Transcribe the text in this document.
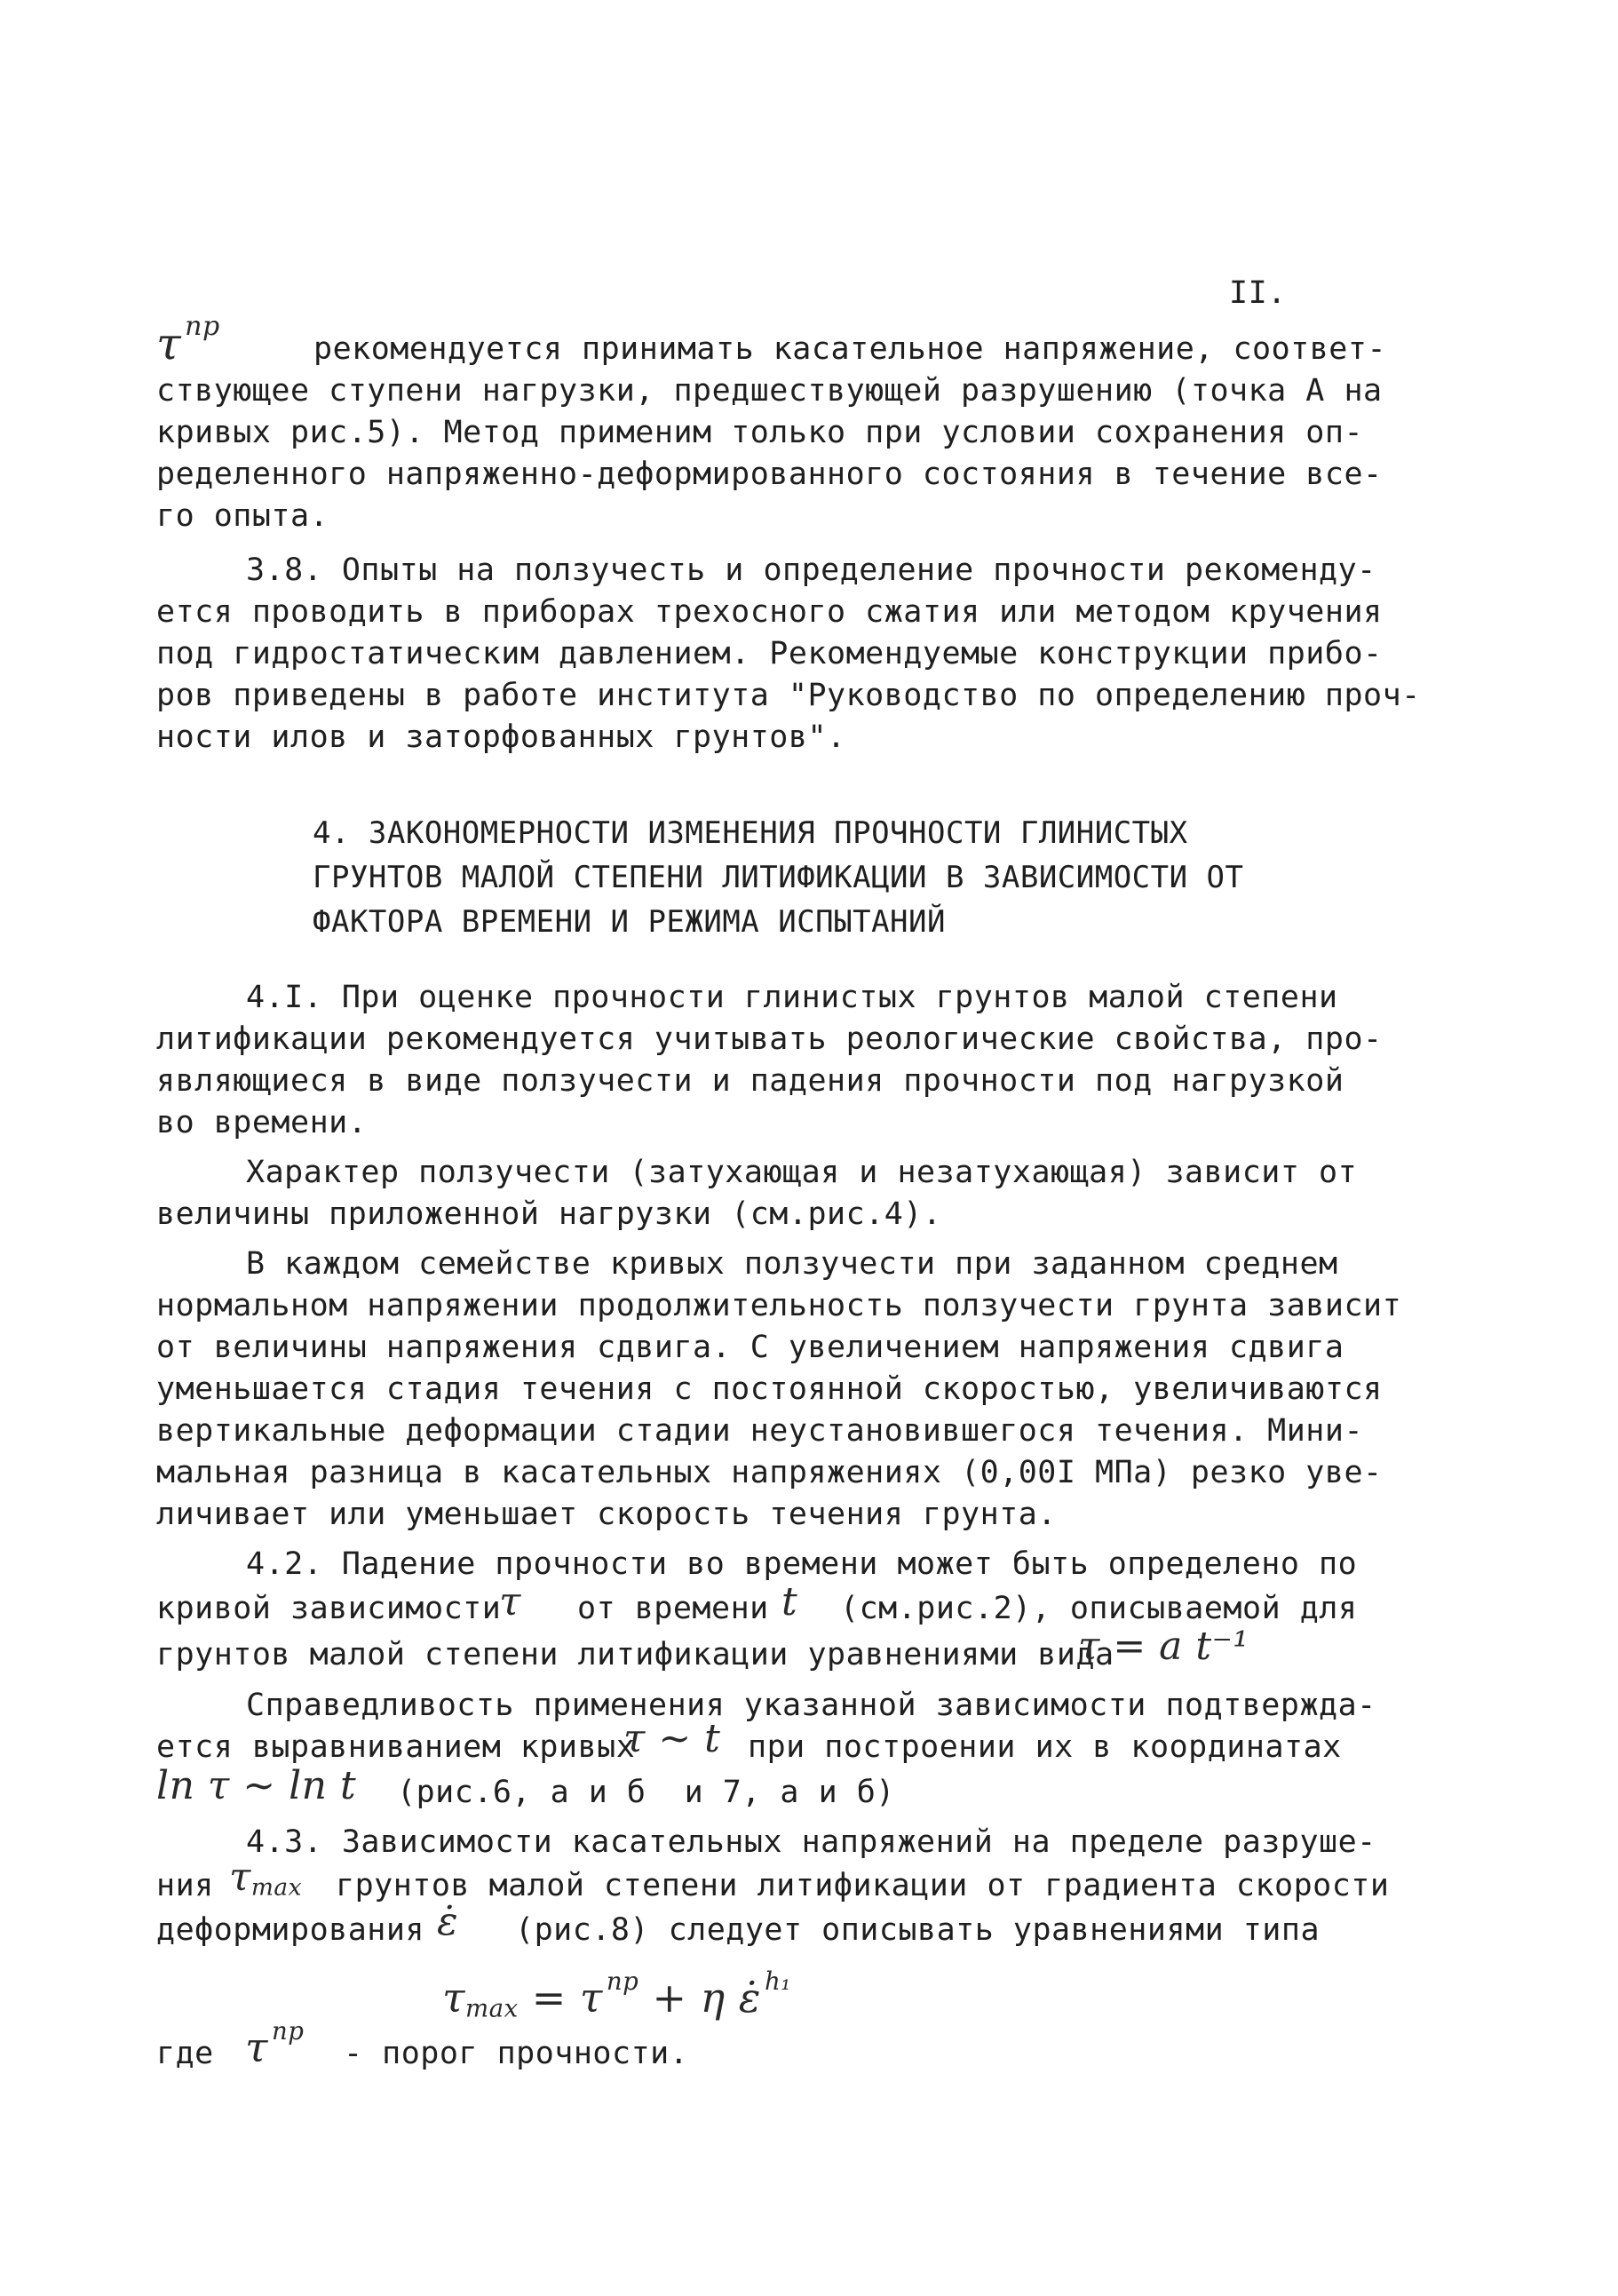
II.
τ $^{np}$
рекомендуется принимать касательное напряжение, соответ-
ствующее ступени нагрузки, предшествующей разрушению (точка А на
кривых рис.5). Метод применим только при условии сохранения оп-
ределенного напряженно-деформированного состояния в течение все-
го опыта.
3.8. Опыты на ползучесть и определение прочности рекоменду-
ется проводить в приборах трехосного сжатия или методом кручения
под гидростатическим давлением. Рекомендуемые конструкции прибо-
ров приведены в работе института "Руководство по определению проч-
ности илов и заторфованных грунтов".
4. ЗАКОНОМЕРНОСТИ ИЗМЕНЕНИЯ ПРОЧНОСТИ ГЛИНИСТЫХ
ГРУНТОВ МАЛОЙ СТЕПЕНИ ЛИТИФИКАЦИИ В ЗАВИСИМОСТИ ОТ
ФАКТОРА ВРЕМЕНИ И РЕЖИМА ИСПЫТАНИЙ
4.I. При оценке прочности глинистых грунтов малой степени
литификации рекомендуется учитывать реологические свойства, про-
являющиеся в виде ползучести и падения прочности под нагрузкой
во времени.
Характер ползучести (затухающая и незатухающая) зависит от
величины приложенной нагрузки (см.рис.4).
В каждом семействе кривых ползучести при заданном среднем
нормальном напряжении продолжительность ползучести грунта зависит
от величины напряжения сдвига. С увеличением напряжения сдвига
уменьшается стадия течения с постоянной скоростью, увеличиваются
вертикальные деформации стадии неустановившегося течения. Мини-
мальная разница в касательных напряжениях (0,00I МПа) резко уве-
личивает или уменьшает скорость течения грунта.
4.2. Падение прочности во времени может быть определено по
кривой зависимости
τ от времени t (см.рис.2), описываемой для
грунтов малой степени литификации уравнениями вида
τ = a t⁻¹
Справедливость применения указанной зависимости подтвержда-
ется выравниванием кривых
τ ~ t при построении их в координатах
ln τ ~ ln t (рис.6, а и б  и 7, а и б)
4.3. Зависимости касательных напряжений на пределе разруше-
ния $\tau_{max}$ грунтов малой степени литификации от градиента скорости
деформирования ε̇ (рис.8) следует описывать уравнениями типа
$\tau_{max} = \tau$ $^{np}$ + η ε̇ $^{h_1}$
где τ $^{np}$
- порог прочности.
